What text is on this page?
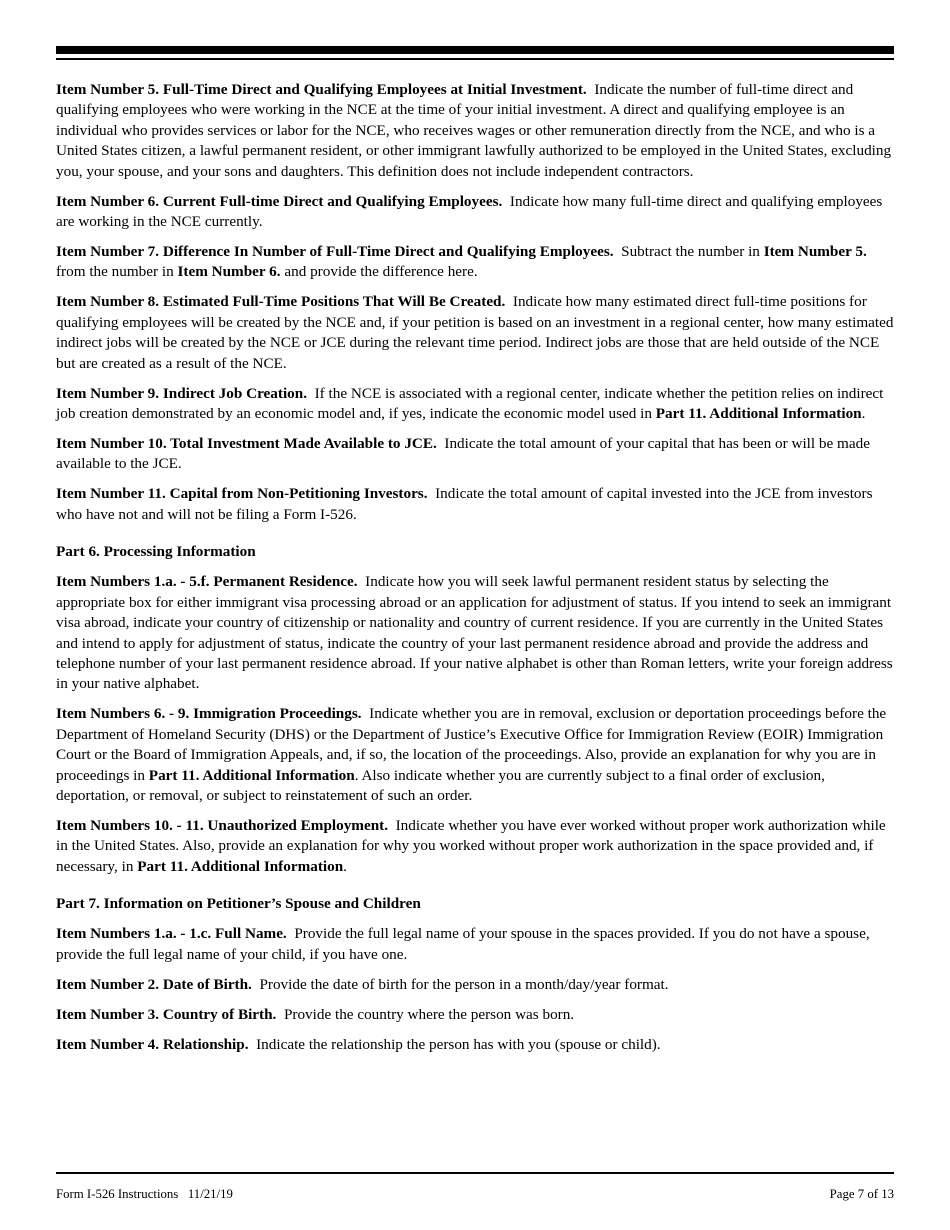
Item Number 5. Full-Time Direct and Qualifying Employees at Initial Investment. Indicate the number of full-time direct and qualifying employees who were working in the NCE at the time of your initial investment. A direct and qualifying employee is an individual who provides services or labor for the NCE, who receives wages or other remuneration directly from the NCE, and who is a United States citizen, a lawful permanent resident, or other immigrant lawfully authorized to be employed in the United States, excluding you, your spouse, and your sons and daughters. This definition does not include independent contractors.

Item Number 6. Current Full-time Direct and Qualifying Employees. Indicate how many full-time direct and qualifying employees are working in the NCE currently.

Item Number 7. Difference In Number of Full-Time Direct and Qualifying Employees. Subtract the number in Item Number 5. from the number in Item Number 6. and provide the difference here.

Item Number 8. Estimated Full-Time Positions That Will Be Created. Indicate how many estimated direct full-time positions for qualifying employees will be created by the NCE and, if your petition is based on an investment in a regional center, how many estimated indirect jobs will be created by the NCE or JCE during the relevant time period. Indirect jobs are those that are held outside of the NCE but are created as a result of the NCE.

Item Number 9. Indirect Job Creation. If the NCE is associated with a regional center, indicate whether the petition relies on indirect job creation demonstrated by an economic model and, if yes, indicate the economic model used in Part 11. Additional Information.

Item Number 10. Total Investment Made Available to JCE. Indicate the total amount of your capital that has been or will be made available to the JCE.

Item Number 11. Capital from Non-Petitioning Investors. Indicate the total amount of capital invested into the JCE from investors who have not and will not be filing a Form I-526.

Part 6. Processing Information

Item Numbers 1.a. - 5.f. Permanent Residence. Indicate how you will seek lawful permanent resident status by selecting the appropriate box for either immigrant visa processing abroad or an application for adjustment of status. If you intend to seek an immigrant visa abroad, indicate your country of citizenship or nationality and country of current residence. If you are currently in the United States and intend to apply for adjustment of status, indicate the country of your last permanent residence abroad and provide the address and telephone number of your last permanent residence abroad. If your native alphabet is other than Roman letters, write your foreign address in your native alphabet.

Item Numbers 6. - 9. Immigration Proceedings. Indicate whether you are in removal, exclusion or deportation proceedings before the Department of Homeland Security (DHS) or the Department of Justice’s Executive Office for Immigration Review (EOIR) Immigration Court or the Board of Immigration Appeals, and, if so, the location of the proceedings. Also, provide an explanation for why you are in proceedings in Part 11. Additional Information. Also indicate whether you are currently subject to a final order of exclusion, deportation, or removal, or subject to reinstatement of such an order.

Item Numbers 10. - 11. Unauthorized Employment. Indicate whether you have ever worked without proper work authorization while in the United States. Also, provide an explanation for why you worked without proper work authorization in the space provided and, if necessary, in Part 11. Additional Information.

Part 7. Information on Petitioner’s Spouse and Children

Item Numbers 1.a. - 1.c. Full Name. Provide the full legal name of your spouse in the spaces provided. If you do not have a spouse, provide the full legal name of your child, if you have one.

Item Number 2. Date of Birth. Provide the date of birth for the person in a month/day/year format.

Item Number 3. Country of Birth. Provide the country where the person was born.

Item Number 4. Relationship. Indicate the relationship the person has with you (spouse or child).

Form I-526 Instructions   11/21/19	Page 7 of 13
